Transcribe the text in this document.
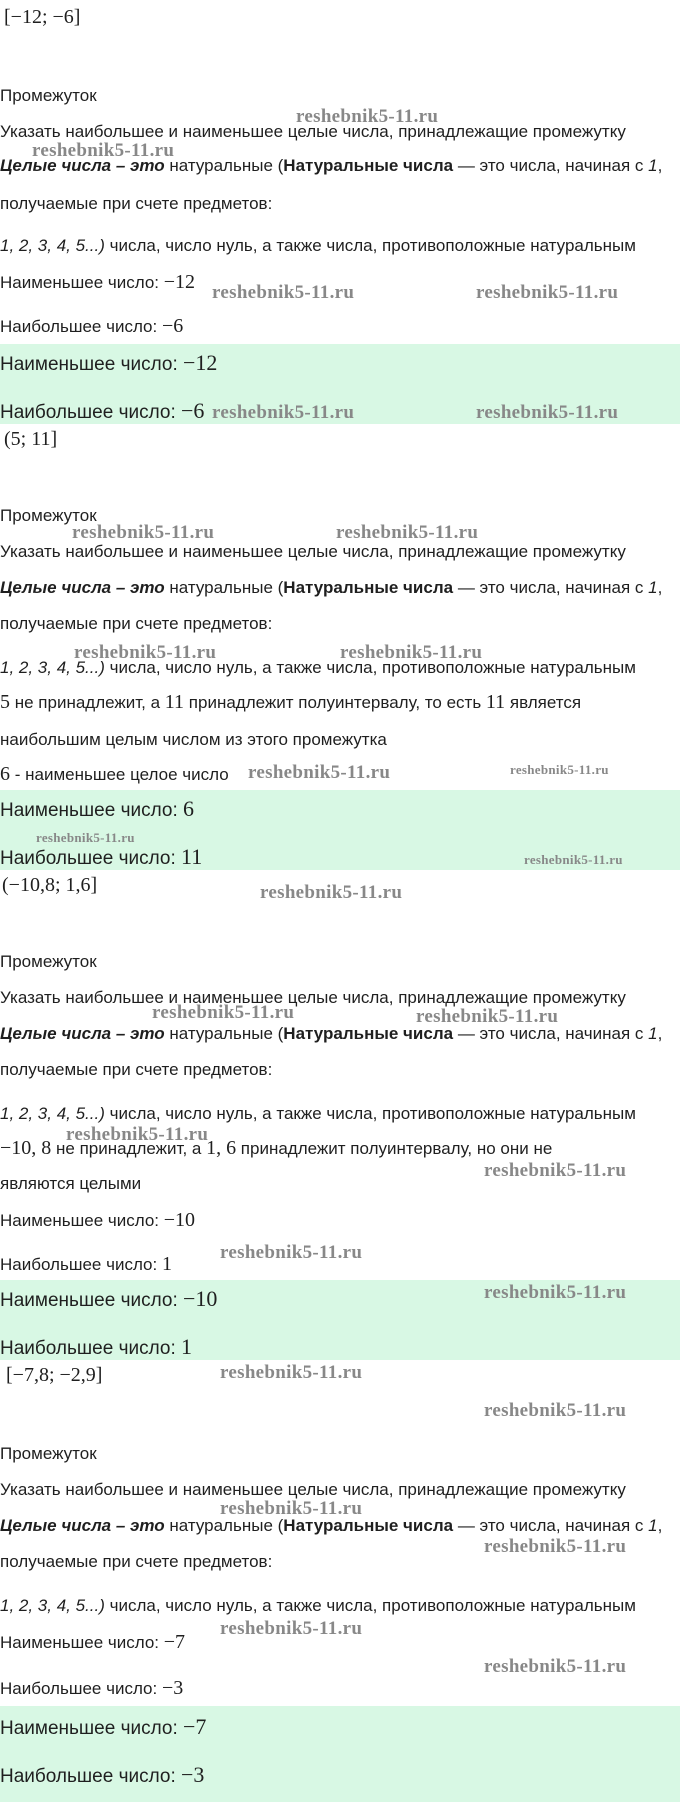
[−12; −6]
Промежуток
Указать наибольшее и наименьшее целые числа, принадлежащие промежутку
Целые числа – это натуральные (Натуральные числа — это числа, начиная с 1,
получаемые при счете предметов:
1, 2, 3, 4, 5...) числа, число нуль, а также числа, противоположные натуральным
Наименьшее число: −12
Наибольшее число: −6
Наименьшее число: −12
Наибольшее число: −6
(5; 11]
Промежуток
Указать наибольшее и наименьшее целые числа, принадлежащие промежутку
Целые числа – это натуральные (Натуральные числа — это числа, начиная с 1,
получаемые при счете предметов:
1, 2, 3, 4, 5...) числа, число нуль, а также числа, противоположные натуральным
5 не принадлежит, а 11 принадлежит полуинтервалу, то есть 11 является
наибольшим целым числом из этого промежутка
6 - наименьшее целое число
Наименьшее число: 6
Наибольшее число: 11
(−10,8; 1,6]
Промежуток
Указать наибольшее и наименьшее целые числа, принадлежащие промежутку
Целые числа – это натуральные (Натуральные числа — это числа, начиная с 1,
получаемые при счете предметов:
1, 2, 3, 4, 5...) числа, число нуль, а также числа, противоположные натуральным
−10, 8 не принадлежит, а 1, 6 принадлежит полуинтервалу, но они не
являются целыми
Наименьшее число: −10
Наибольшее число: 1
Наименьшее число: −10
Наибольшее число: 1
[−7,8; −2,9]
Промежуток
Указать наибольшее и наименьшее целые числа, принадлежащие промежутку
Целые числа – это натуральные (Натуральные числа — это числа, начиная с 1,
получаемые при счете предметов:
1, 2, 3, 4, 5...) числа, число нуль, а также числа, противоположные натуральным
Наименьшее число: −7
Наибольшее число: −3
Наименьшее число: −7
Наибольшее число: −3
reshebnik5-11.ru
reshebnik5-11.ru
reshebnik5-11.ru	reshebnik5-11.ru
reshebnik5-11.ru	reshebnik5-11.ru
reshebnik5-11.ru	reshebnik5-11.ru
reshebnik5-11.ru	reshebnik5-11.ru
reshebnik5-11.ru	reshebnik5-11.ru
reshebnik5-11.ru
reshebnik5-11.ru
reshebnik5-11.ru
reshebnik5-11.ru	reshebnik5-11.ru
reshebnik5-11.ru
reshebnik5-11.ru
reshebnik5-11.ru
reshebnik5-11.ru
reshebnik5-11.ru
reshebnik5-11.ru
reshebnik5-11.ru
reshebnik5-11.ru
reshebnik5-11.ru
reshebnik5-11.ru
